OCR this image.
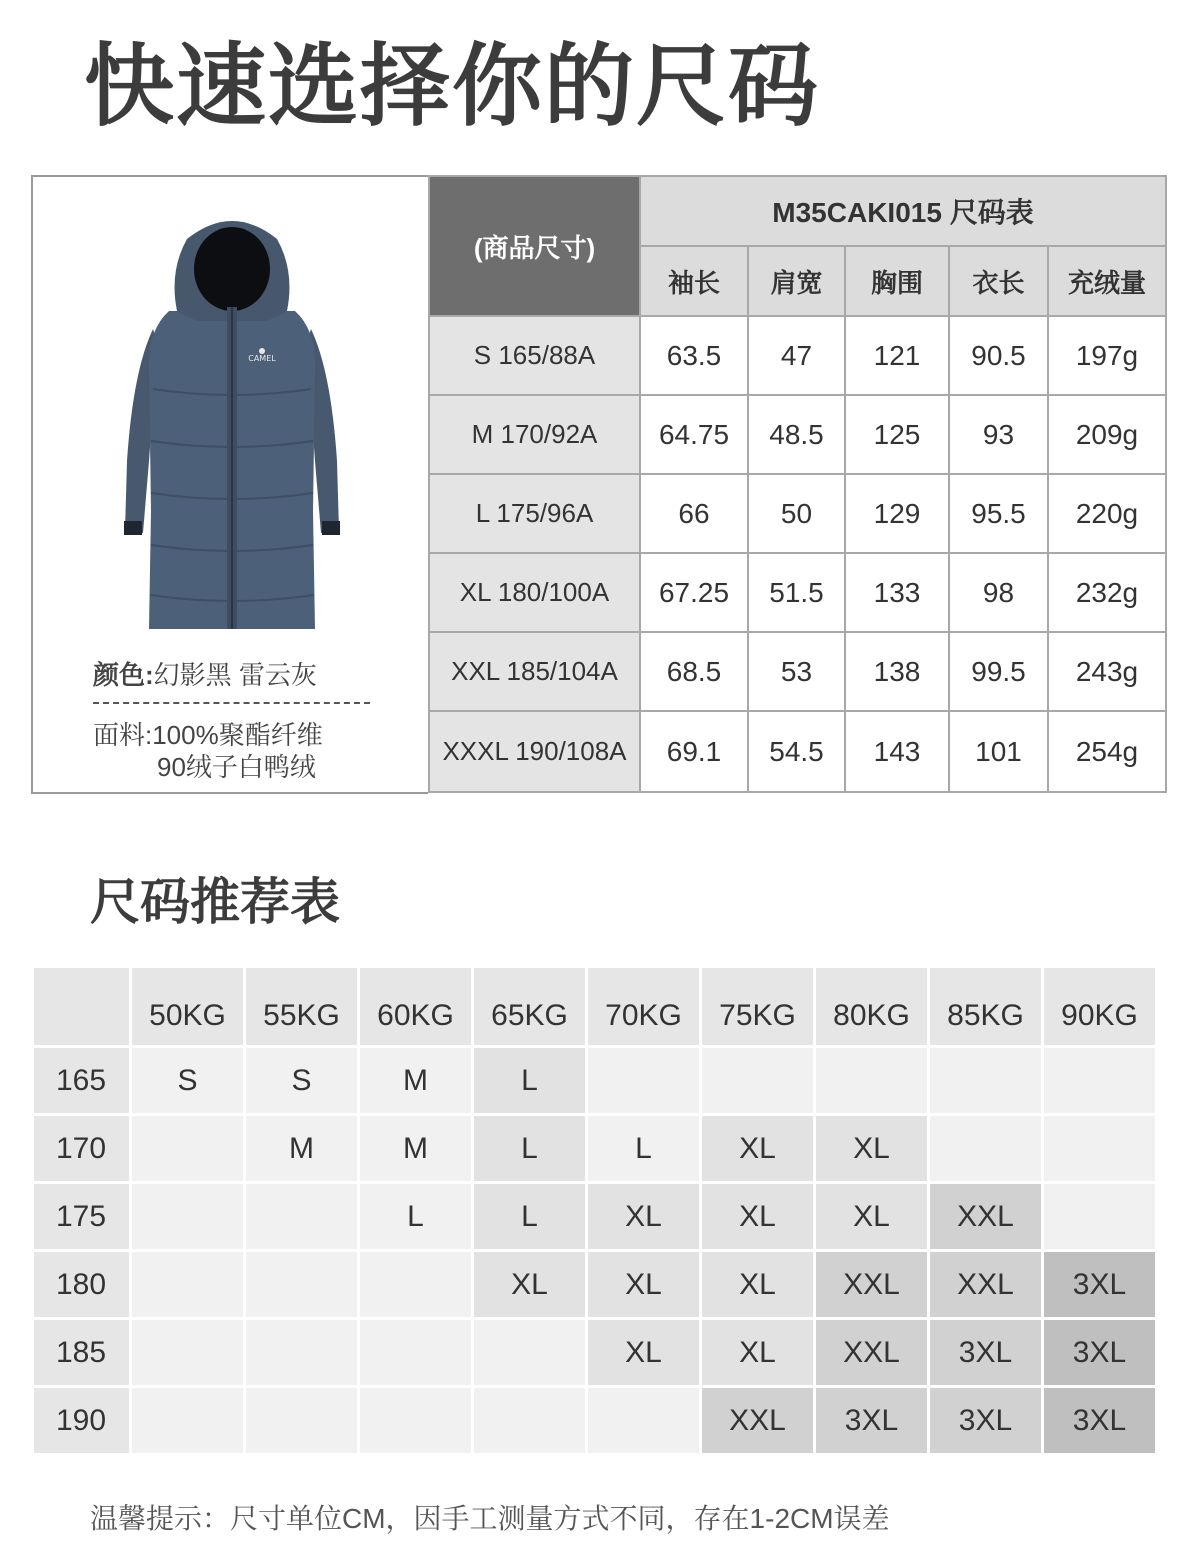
快速选择你的尺码
CAMEL
颜色:幻影黑 雷云灰
面料:100%聚酯纤维
90绒子白鸭绒
(商品尺寸)	M35CAKI015 尺码表				
	袖长	肩宽	胸围	衣长	充绒量
S 165/88A	63.5	47	121	90.5	197g
M 170/92A	64.75	48.5	125	93	209g
L 175/96A	66	50	129	95.5	220g
XL 180/100A	67.25	51.5	133	98	232g
XXL 185/104A	68.5	53	138	99.5	243g
XXXL 190/108A	69.1	54.5	143	101	254g
尺码推荐表
	50KG	55KG	60KG	65KG	70KG	75KG	80KG	85KG	90KG
165	S	S	M	L					
170		M	M	L	L	XL	XL		
175			L	L	XL	XL	XL	XXL	
180				XL	XL	XL	XXL	XXL	3XL
185					XL	XL	XXL	3XL	3XL
190						XXL	3XL	3XL	3XL
温馨提示：尺寸单位CM，因手工测量方式不同，存在1-2CM误差
